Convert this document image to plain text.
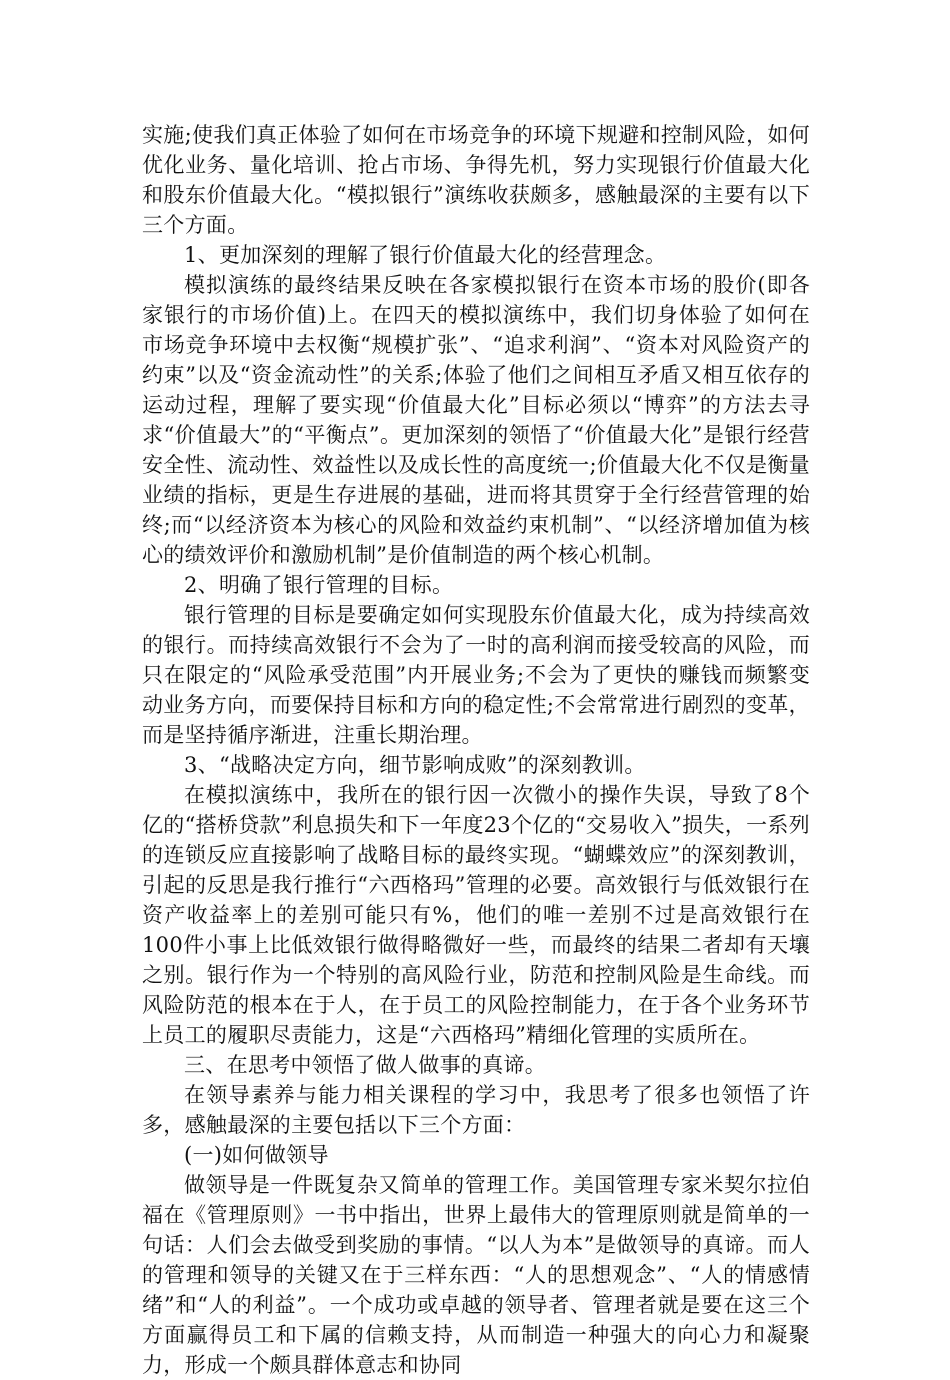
实施;使我们真正体验了如何在市场竞争的环境下规避和控制风险，如何优化业务、量化培训、抢占市场、争得先机，努力实现银行价值最大化和股东价值最大化。“模拟银行”演练收获颇多，感触最深的主要有以下三个方面。

1、更加深刻的理解了银行价值最大化的经营理念。

模拟演练的最终结果反映在各家模拟银行在资本市场的股价(即各家银行的市场价值)上。在四天的模拟演练中，我们切身体验了如何在市场竞争环境中去权衡“规模扩张”、“追求利润”、“资本对风险资产的约束”以及“资金流动性”的关系;体验了他们之间相互矛盾又相互依存的运动过程，理解了要实现“价值最大化”目标必须以“博弈”的方法去寻求“价值最大”的“平衡点”。更加深刻的领悟了“价值最大化”是银行经营安全性、流动性、效益性以及成长性的高度统一;价值最大化不仅是衡量业绩的指标，更是生存进展的基础，进而将其贯穿于全行经营管理的始终;而“以经济资本为核心的风险和效益约束机制”、“以经济增加值为核心的绩效评价和激励机制”是价值制造的两个核心机制。

2、明确了银行管理的目标。

银行管理的目标是要确定如何实现股东价值最大化，成为持续高效的银行。而持续高效银行不会为了一时的高利润而接受较高的风险，而只在限定的“风险承受范围”内开展业务;不会为了更快的赚钱而频繁变动业务方向，而要保持目标和方向的稳定性;不会常常进行剧烈的变革，而是坚持循序渐进，注重长期治理。

3、“战略决定方向，细节影响成败”的深刻教训。

在模拟演练中，我所在的银行因一次微小的操作失误，导致了8个亿的“搭桥贷款”利息损失和下一年度23个亿的“交易收入”损失，一系列的连锁反应直接影响了战略目标的最终实现。“蝴蝶效应”的深刻教训，引起的反思是我行推行“六西格玛”管理的必要。高效银行与低效银行在资产收益率上的差别可能只有%，他们的唯一差别不过是高效银行在100件小事上比低效银行做得略微好一些，而最终的结果二者却有天壤之别。银行作为一个特别的高风险行业，防范和控制风险是生命线。而风险防范的根本在于人，在于员工的风险控制能力，在于各个业务环节上员工的履职尽责能力，这是“六西格玛”精细化管理的实质所在。

三、在思考中领悟了做人做事的真谛。

在领导素养与能力相关课程的学习中，我思考了很多也领悟了许多，感触最深的主要包括以下三个方面：

(一)如何做领导

做领导是一件既复杂又简单的管理工作。美国管理专家米契尔拉伯福在《管理原则》一书中指出，世界上最伟大的管理原则就是简单的一句话：人们会去做受到奖励的事情。“以人为本”是做领导的真谛。而人的管理和领导的关键又在于三样东西：“人的思想观念”、“人的情感情绪”和“人的利益”。一个成功或卓越的领导者、管理者就是要在这三个方面赢得员工和下属的信赖支持，从而制造一种强大的向心力和凝聚力，形成一个颇具群体意志和协同
